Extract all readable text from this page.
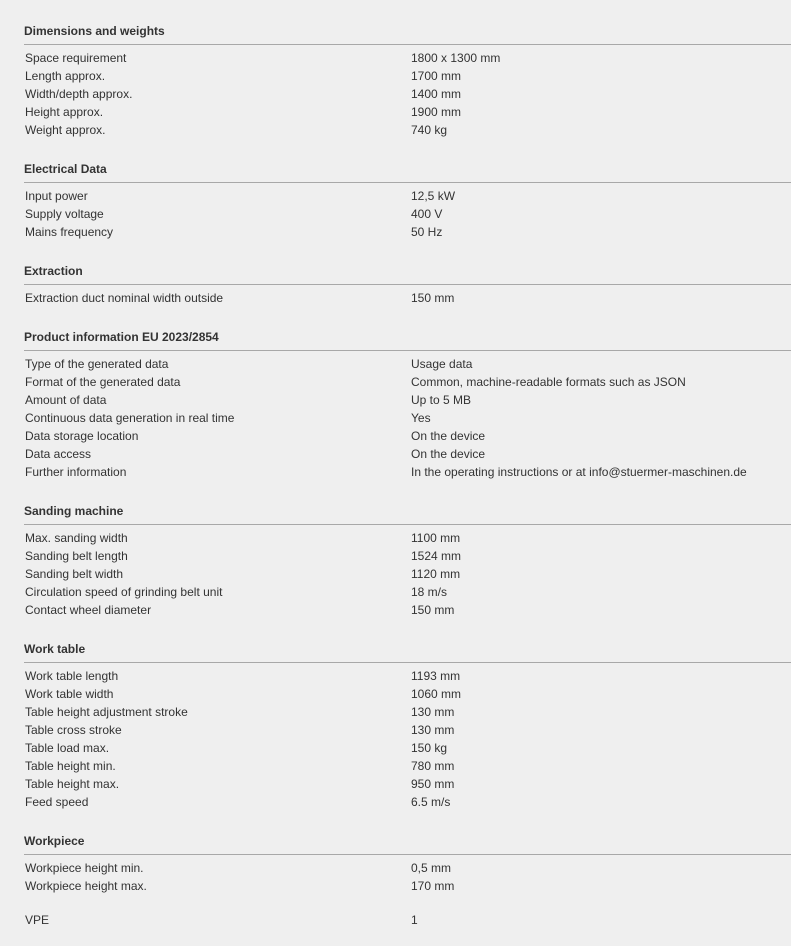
Dimensions and weights
Space requirement	1800 x 1300 mm
Length approx.	1700 mm
Width/depth approx.	1400 mm
Height approx.	1900 mm
Weight approx.	740 kg
Electrical Data
Input power	12,5 kW
Supply voltage	400 V
Mains frequency	50 Hz
Extraction
Extraction duct nominal width outside	150 mm
Product information EU 2023/2854
Type of the generated data	Usage data
Format of the generated data	Common, machine-readable formats such as JSON
Amount of data	Up to 5 MB
Continuous data generation in real time	Yes
Data storage location	On the device
Data access	On the device
Further information	In the operating instructions or at info@stuermer-maschinen.de
Sanding machine
Max. sanding width	1100 mm
Sanding belt length	1524 mm
Sanding belt width	1120 mm
Circulation speed of grinding belt unit	18 m/s
Contact wheel diameter	150 mm
Work table
Work table length	1193 mm
Work table width	1060 mm
Table height adjustment stroke	130 mm
Table cross stroke	130 mm
Table load max.	150 kg
Table height min.	780 mm
Table height max.	950 mm
Feed speed	6.5 m/s
Workpiece
Workpiece height min.	0,5 mm
Workpiece height max.	170 mm
VPE	1
